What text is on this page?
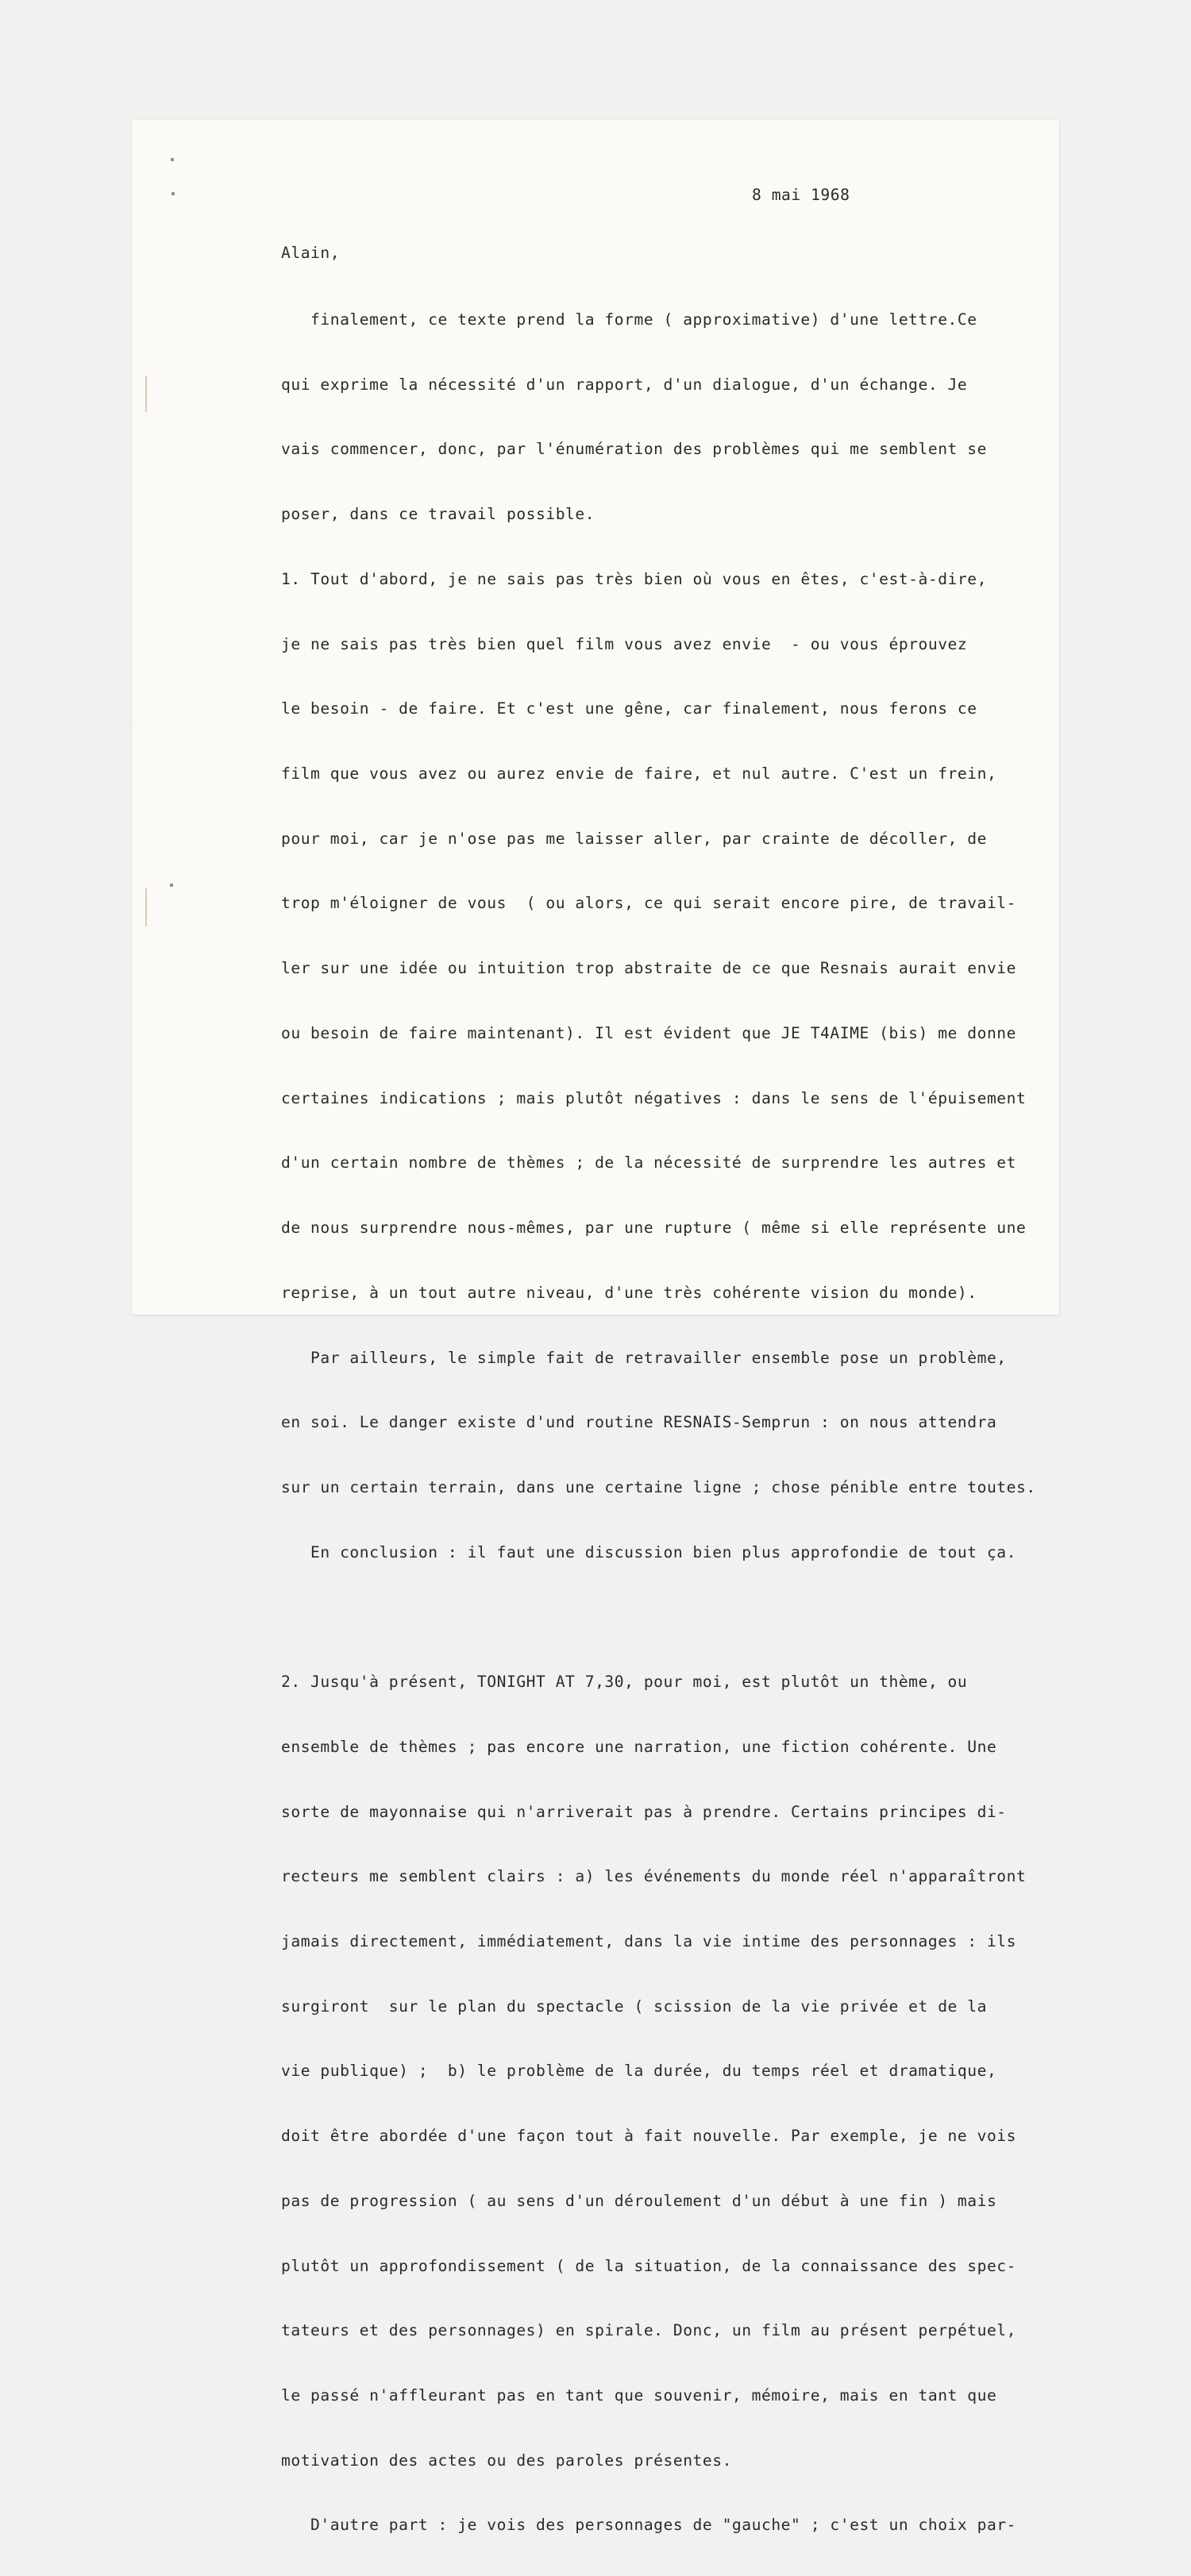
8 mai 1968
Alain,

finalement, ce texte prend la forme ( approximative) d'une lettre.Ce

qui exprime la nécessité d'un rapport, d'un dialogue, d'un échange. Je

vais commencer, donc, par l'énumération des problèmes qui me semblent se

poser, dans ce travail possible.

1. Tout d'abord, je ne sais pas très bien où vous en êtes, c'est-à-dire,

je ne sais pas très bien quel film vous avez envie  - ou vous éprouvez

le besoin - de faire. Et c'est une gêne, car finalement, nous ferons ce

film que vous avez ou aurez envie de faire, et nul autre. C'est un frein,

pour moi, car je n'ose pas me laisser aller, par crainte de décoller, de

trop m'éloigner de vous  ( ou alors, ce qui serait encore pire, de travail-

ler sur une idée ou intuition trop abstraite de ce que Resnais aurait envie

ou besoin de faire maintenant). Il est évident que JE T4AIME (bis) me donne

certaines indications ; mais plutôt négatives : dans le sens de l'épuisement

d'un certain nombre de thèmes ; de la nécessité de surprendre les autres et

de nous surprendre nous-mêmes, par une rupture ( même si elle représente une

reprise, à un tout autre niveau, d'une très cohérente vision du monde).

Par ailleurs, le simple fait de retravailler ensemble pose un problème,

en soi. Le danger existe d'und routine RESNAIS-Semprun : on nous attendra

sur un certain terrain, dans une certaine ligne ; chose pénible entre toutes.

En conclusion : il faut une discussion bien plus approfondie de tout ça.

2. Jusqu'à présent, TONIGHT AT 7,30, pour moi, est plutôt un thème, ou

ensemble de thèmes ; pas encore une narration, une fiction cohérente. Une

sorte de mayonnaise qui n'arriverait pas à prendre. Certains principes di-

recteurs me semblent clairs : a) les événements du monde réel n'apparaîtront

jamais directement, immédiatement, dans la vie intime des personnages : ils

surgiront  sur le plan du spectacle ( scission de la vie privée et de la

vie publique) ;  b) le problème de la durée, du temps réel et dramatique,

doit être abordée d'une façon tout à fait nouvelle. Par exemple, je ne vois

pas de progression ( au sens d'un déroulement d'un début à une fin ) mais

plutôt un approfondissement ( de la situation, de la connaissance des spec-

tateurs et des personnages) en spirale. Donc, un film au présent perpétuel,

le passé n'affleurant pas en tant que souvenir, mémoire, mais en tant que

motivation des actes ou des paroles présentes.

D'autre part : je vois des personnages de "gauche" ; c'est un choix par-
